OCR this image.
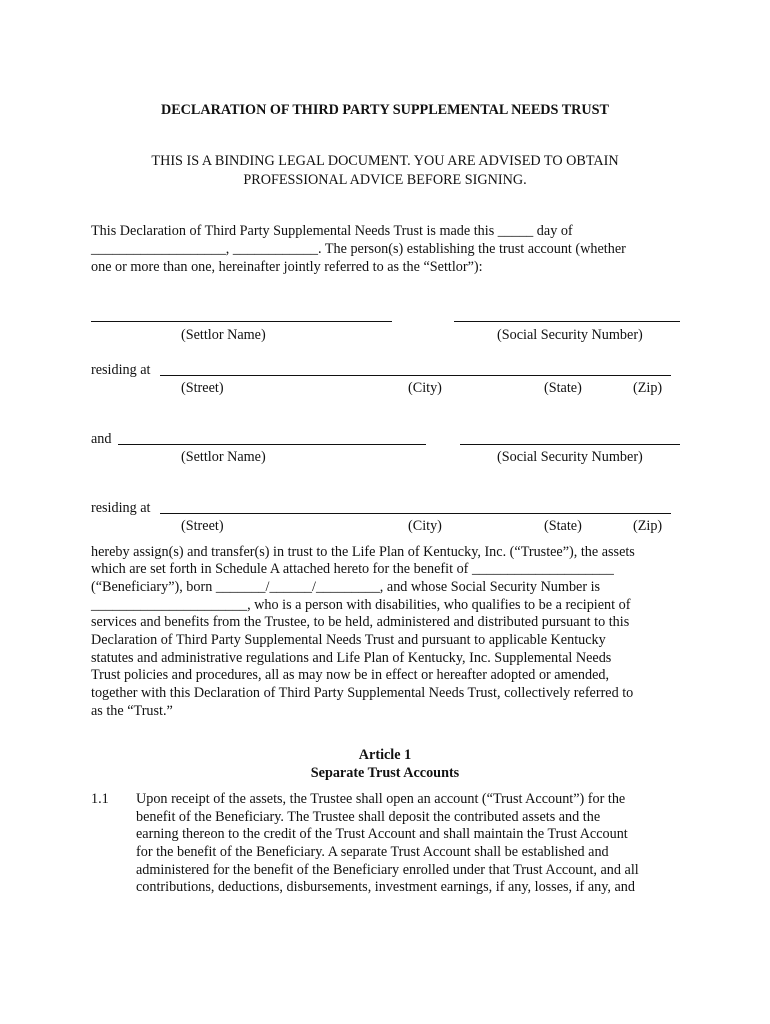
DECLARATION OF THIRD PARTY SUPPLEMENTAL NEEDS TRUST
THIS IS A BINDING LEGAL DOCUMENT. YOU ARE ADVISED TO OBTAIN
PROFESSIONAL ADVICE BEFORE SIGNING.
This Declaration of Third Party Supplemental Needs Trust is made this _____ day of
___________________, ____________. The person(s) establishing the trust account (whether
one or more than one, hereinafter jointly referred to as the “Settlor”):
(Settlor Name)	(Social Security Number)
residing at
(Street)	(City)	(State)	(Zip)
and
(Settlor Name)	(Social Security Number)
residing at
(Street)	(City)	(State)	(Zip)
hereby assign(s) and transfer(s) in trust to the Life Plan of Kentucky, Inc. (“Trustee”), the assets
which are set forth in Schedule A attached hereto for the benefit of ____________________
(“Beneficiary”), born _______/______/_________, and whose Social Security Number is
______________________, who is a person with disabilities, who qualifies to be a recipient of
services and benefits from the Trustee, to be held, administered and distributed pursuant to this
Declaration of Third Party Supplemental Needs Trust and pursuant to applicable Kentucky
statutes and administrative regulations and Life Plan of Kentucky, Inc. Supplemental Needs
Trust policies and procedures, all as may now be in effect or hereafter adopted or amended,
together with this Declaration of Third Party Supplemental Needs Trust, collectively referred to
as the “Trust.”
Article 1
Separate Trust Accounts
1.1 Upon receipt of the assets, the Trustee shall open an account (“Trust Account”) for the
benefit of the Beneficiary. The Trustee shall deposit the contributed assets and the
earning thereon to the credit of the Trust Account and shall maintain the Trust Account
for the benefit of the Beneficiary. A separate Trust Account shall be established and
administered for the benefit of the Beneficiary enrolled under that Trust Account, and all
contributions, deductions, disbursements, investment earnings, if any, losses, if any, and
